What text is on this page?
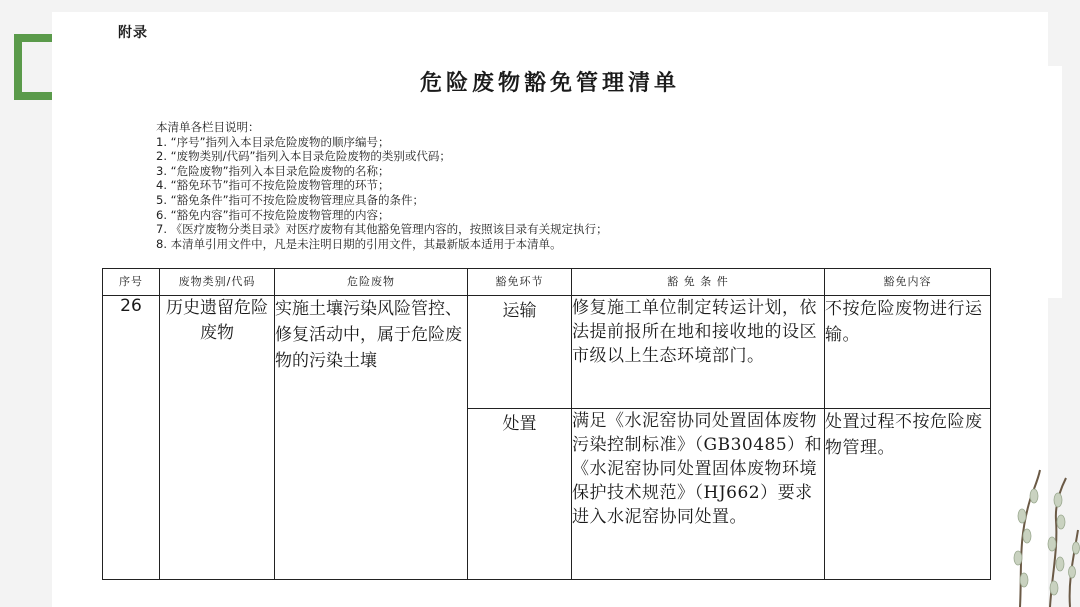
附录
危险废物豁免管理清单
本清单各栏目说明：
1. “序号”指列入本目录危险废物的顺序编号；
2. “废物类别/代码”指列入本目录危险废物的类别或代码；
3. “危险废物”指列入本目录危险废物的名称；
4. “豁免环节”指可不按危险废物管理的环节；
5. “豁免条件”指可不按危险废物管理应具备的条件；
6. “豁免内容”指可不按危险废物管理的内容；
7. 《医疗废物分类目录》对医疗废物有其他豁免管理内容的，按照该目录有关规定执行；
8. 本清单引用文件中，凡是未注明日期的引用文件，其最新版本适用于本清单。
序号	废物类别/代码	危险废物	豁免环节	豁 免 条 件	豁免内容
26	历史遗留危险废物	实施土壤污染风险管控、修复活动中，属于危险废物的污染土壤	运输	修复施工单位制定转运计划，依法提前报所在地和接收地的设区市级以上生态环境部门。	不按危险废物进行运输。
			处置	满足《水泥窑协同处置固体废物污染控制标准》（GB30485）和《水泥窑协同处置固体废物环境保护技术规范》（HJ662）要求进入水泥窑协同处置。	处置过程不按危险废物管理。
